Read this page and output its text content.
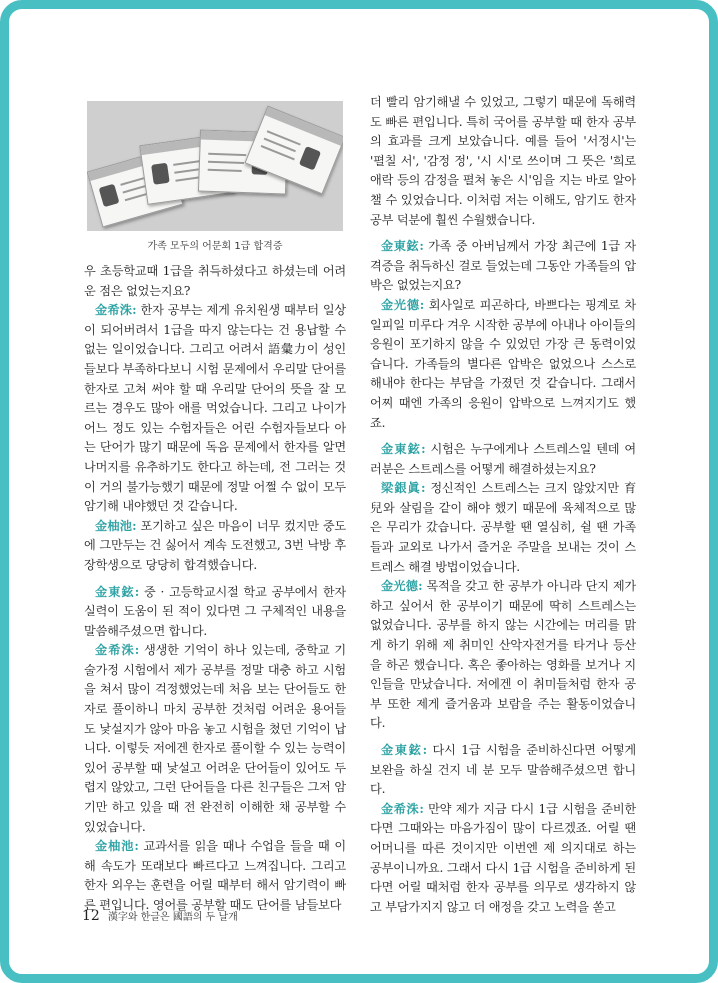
가족 모두의 어문회 1급 합격증

우 초등학교때 1급을 취득하셨다고 하셨는데 어려운 점은 없었는지요?

金希洙: 한자 공부는 제게 유치원생 때부터 일상이 되어버려서 1급을 따지 않는다는 건 용납할 수 없는 일이었습니다. 그리고 어려서 語彙力이 성인들보다 부족하다보니 시험 문제에서 우리말 단어를 한자로 고쳐 써야 할 때 우리말 단어의 뜻을 잘 모르는 경우도 많아 애를 먹었습니다. 그리고 나이가 어느 정도 있는 수험자들은 어린 수험자들보다 아는 단어가 많기 때문에 독음 문제에서 한자를 알면 나머지를 유추하기도 한다고 하는데, 전 그러는 것이 거의 불가능했기 때문에 정말 어쩔 수 없이 모두 암기해 내야했던 것 같습니다.

金柚池: 포기하고 싶은 마음이 너무 컸지만 중도에 그만두는 건 싫어서 계속 도전했고, 3번 낙방 후 장학생으로 당당히 합격했습니다.

金東鉉: 중 · 고등학교시절 학교 공부에서 한자 실력이 도움이 된 적이 있다면 그 구체적인 내용을 말씀해주셨으면 합니다.

金希洙: 생생한 기억이 하나 있는데, 중학교 기술가정 시험에서 제가 공부를 정말 대충 하고 시험을 쳐서 많이 걱정했었는데 처음 보는 단어들도 한자로 풀이하니 마치 공부한 것처럼 어려운 용어들도 낯설지가 않아 마음 놓고 시험을 쳤던 기억이 납니다. 이렇듯 저에겐 한자로 풀이할 수 있는 능력이 있어 공부할 때 낯설고 어려운 단어들이 있어도 두렵지 않았고, 그런 단어들을 다른 친구들은 그저 암기만 하고 있을 때 전 완전히 이해한 채 공부할 수 있었습니다.

金柚池: 교과서를 읽을 때나 수업을 들을 때 이해 속도가 또래보다 빠르다고 느껴집니다. 그리고 한자 외우는 훈련을 어릴 때부터 해서 암기력이 빠른 편입니다. 영어를 공부할 때도 단어를 남들보다

더 빨리 암기해낼 수 있었고, 그렇기 때문에 독해력도 빠른 편입니다. 특히 국어를 공부할 때 한자 공부의 효과를 크게 보았습니다. 예를 들어 '서정시'는 '펼칠 서', '감정 정', '시 시'로 쓰이며 그 뜻은 '희로애락 등의 감정을 펼쳐 놓은 시'임을 지는 바로 알아챌 수 있었습니다. 이처럼 저는 이해도, 암기도 한자 공부 덕분에 훨씬 수월했습니다.

金東鉉: 가족 중 아버님께서 가장 최근에 1급 자격증을 취득하신 걸로 들었는데 그동안 가족들의 압박은 없었는지요?

金光德: 회사일로 피곤하다, 바쁘다는 핑계로 차일피일 미루다 겨우 시작한 공부에 아내나 아이들의 응원이 포기하지 않을 수 있었던 가장 큰 동력이었습니다. 가족들의 별다른 압박은 없었으나 스스로 해내야 한다는 부담을 가졌던 것 같습니다. 그래서 어찌 때엔 가족의 응원이 압박으로 느껴지기도 했죠.

金東鉉: 시험은 누구에게나 스트레스일 텐데 여러분은 스트레스를 어떻게 해결하셨는지요?

梁銀眞: 정신적인 스트레스는 크지 않았지만 育兒와 살림을 같이 해야 했기 때문에 육체적으로 많은 무리가 갔습니다. 공부할 땐 열심히, 쉴 땐 가족들과 교외로 나가서 즐거운 주말을 보내는 것이 스트레스 해결 방법이었습니다.

金光德: 목적을 갖고 한 공부가 아니라 단지 제가 하고 싶어서 한 공부이기 때문에 딱히 스트레스는 없었습니다. 공부를 하지 않는 시간에는 머리를 맑게 하기 위해 제 취미인 산악자전거를 타거나 등산을 하곤 했습니다. 혹은 좋아하는 영화를 보거나 지인들을 만났습니다. 저에겐 이 취미들처럼 한자 공부 또한 제게 즐거움과 보람을 주는 활동이었습니다.

金東鉉: 다시 1급 시험을 준비하신다면 어떻게 보완을 하실 건지 네 분 모두 말씀해주셨으면 합니다.

金希洙: 만약 제가 지금 다시 1급 시험을 준비한다면 그때와는 마음가짐이 많이 다르겠죠. 어릴 땐 어머니를 따른 것이지만 이번엔 제 의지대로 하는 공부이니까요. 그래서 다시 1급 시험을 준비하게 된다면 어릴 때처럼 한자 공부를 의무로 생각하지 않고 부담가지지 않고 더 애정을 갖고 노력을 쏟고

12 漢字와 한글은 國語의 두 날개
